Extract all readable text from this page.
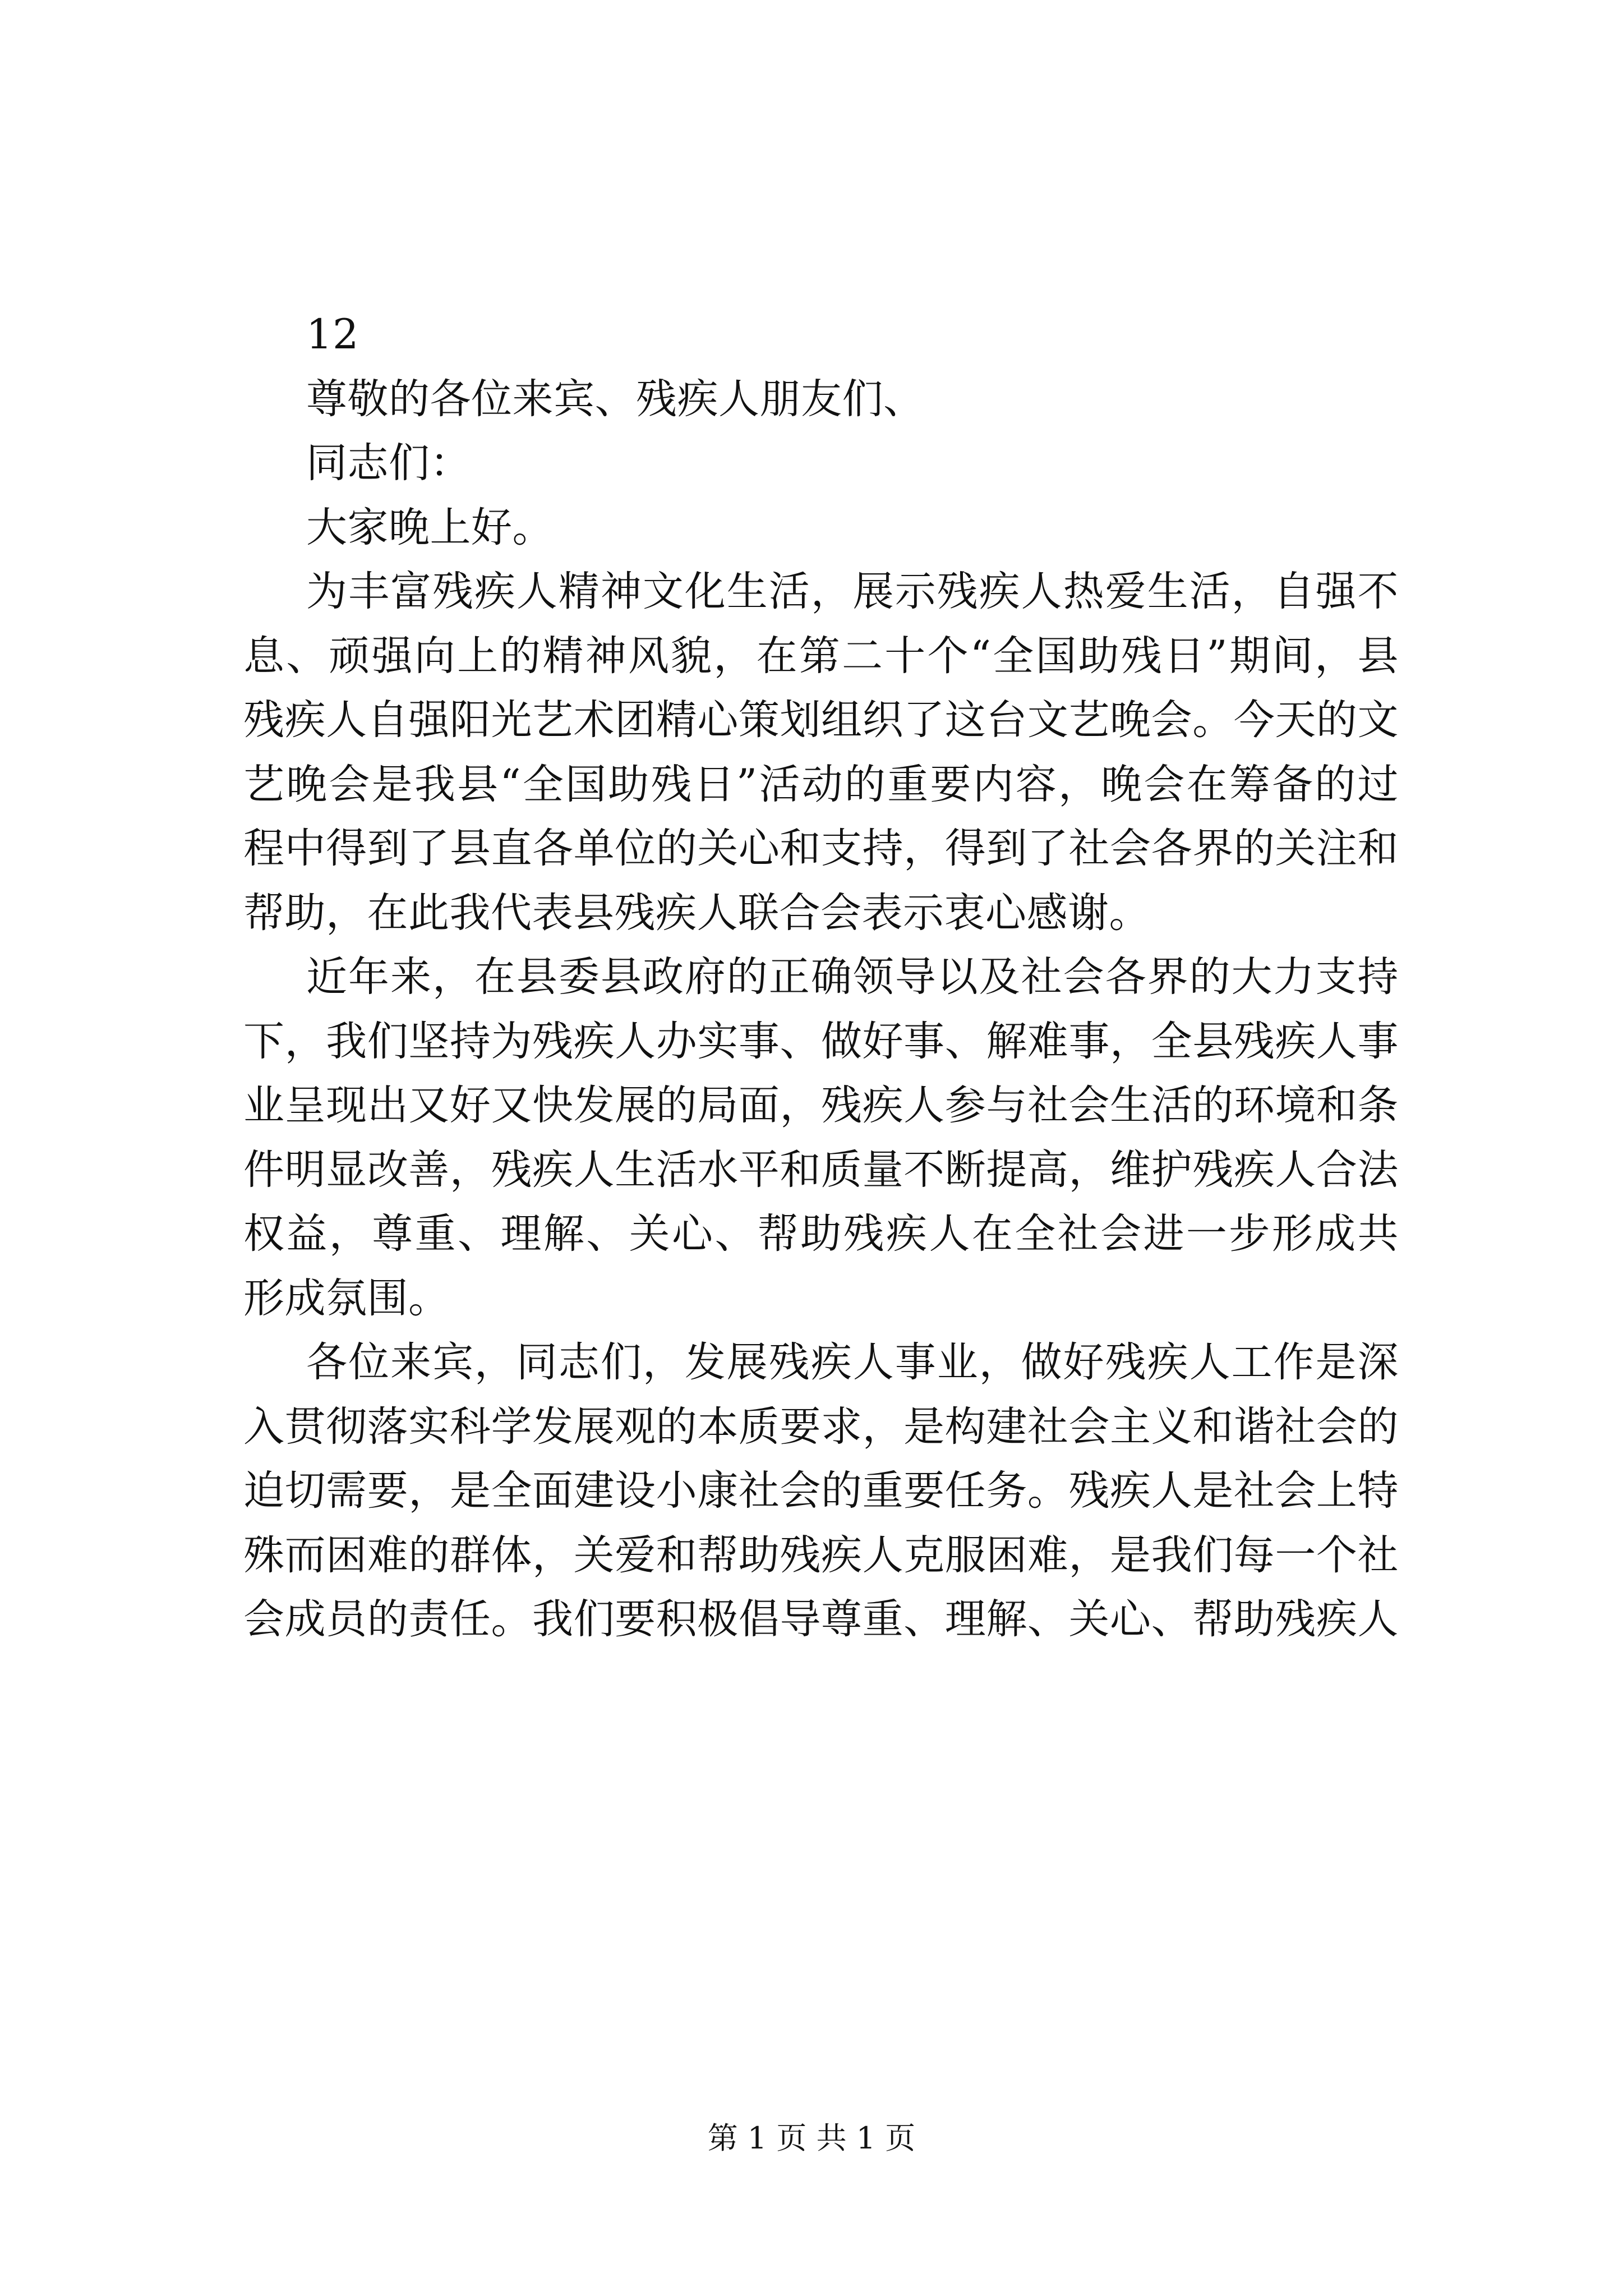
12
尊敬的各位来宾、残疾人朋友们、
同志们：
大家晚上好。
为丰富残疾人精神文化生活，展示残疾人热爱生活，自强不
息、顽强向上的精神风貌，在第二十个“全国助残日”期间，县
残疾人自强阳光艺术团精心策划组织了这台文艺晚会。今天的文
艺晚会是我县“全国助残日”活动的重要内容，晚会在筹备的过
程中得到了县直各单位的关心和支持，得到了社会各界的关注和
帮助，在此我代表县残疾人联合会表示衷心感谢。
近年来，在县委县政府的正确领导以及社会各界的大力支持
下，我们坚持为残疾人办实事、做好事、解难事，全县残疾人事
业呈现出又好又快发展的局面，残疾人参与社会生活的环境和条
件明显改善，残疾人生活水平和质量不断提高，维护残疾人合法
权益，尊重、理解、关心、帮助残疾人在全社会进一步形成共
形成氛围。
各位来宾，同志们，发展残疾人事业，做好残疾人工作是深
入贯彻落实科学发展观的本质要求，是构建社会主义和谐社会的
迫切需要，是全面建设小康社会的重要任务。残疾人是社会上特
殊而困难的群体，关爱和帮助残疾人克服困难，是我们每一个社
会成员的责任。我们要积极倡导尊重、理解、关心、帮助残疾人
第 1 页 共 1 页
